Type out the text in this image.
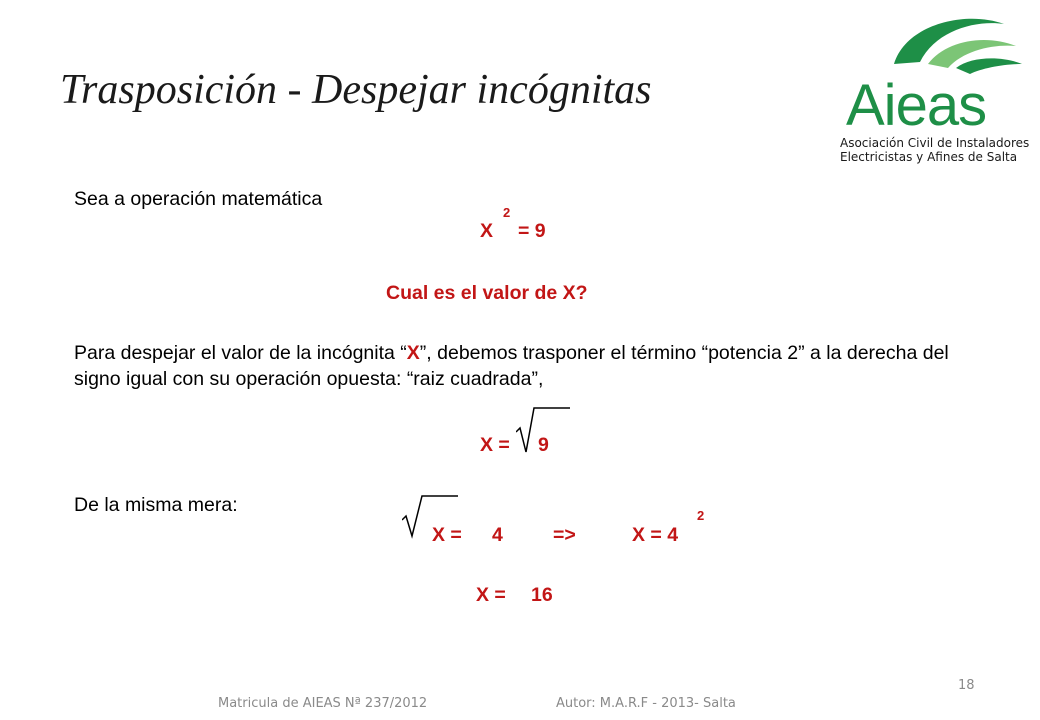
Trasposición - Despejar incógnitas	Aieas
Asociación Civil de Instaladores
Electricistas y Afines de Salta
Sea a operación matemática
X
2
= 9
Cual es el valor de X?
Para despejar el valor de la incógnita “X”, debemos trasponer el término “potencia 2” a la derecha del signo igual con su operación opuesta: “raiz cuadrada”,
X = 9
De la misma mera:
X = 4	=>	X = 4
2
X = 16
18
Matricula de AIEAS Nª 237/2012	Autor: M.A.R.F - 2013- Salta
